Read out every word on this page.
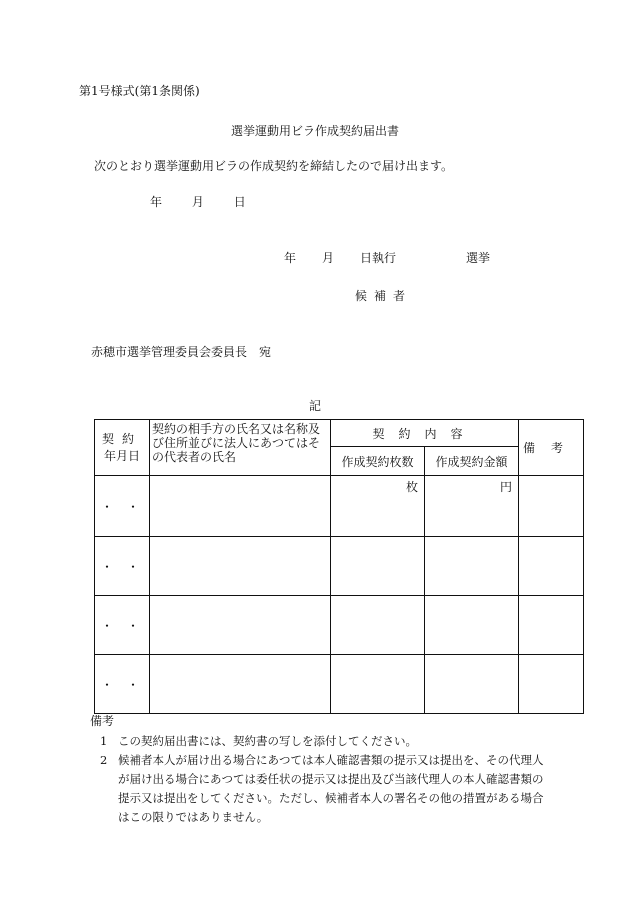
第1号様式(第1条関係)
選挙運動用ビラ作成契約届出書
次のとおり選挙運動用ビラの作成契約を締結したので届け出ます。
年 月 日
年 月 日執行	選挙
候補者
赤穂市選挙管理委員会委員長　宛
記
契約
年月日	契約の相手方の氏名又は名称及び住所並びに法人にあつてはその代表者の氏名	契約内容		備考
		作成契約枚数	作成契約金額	
・・		枚	円	
・・				
・・				
・・				
備考
1 この契約届出書には、契約書の写しを添付してください。
2 候補者本人が届け出る場合にあつては本人確認書類の提示又は提出を、その代理人
が届け出る場合にあつては委任状の提示又は提出及び当該代理人の本人確認書類の
提示又は提出をしてください。ただし、候補者本人の署名その他の措置がある場合
はこの限りではありません。
